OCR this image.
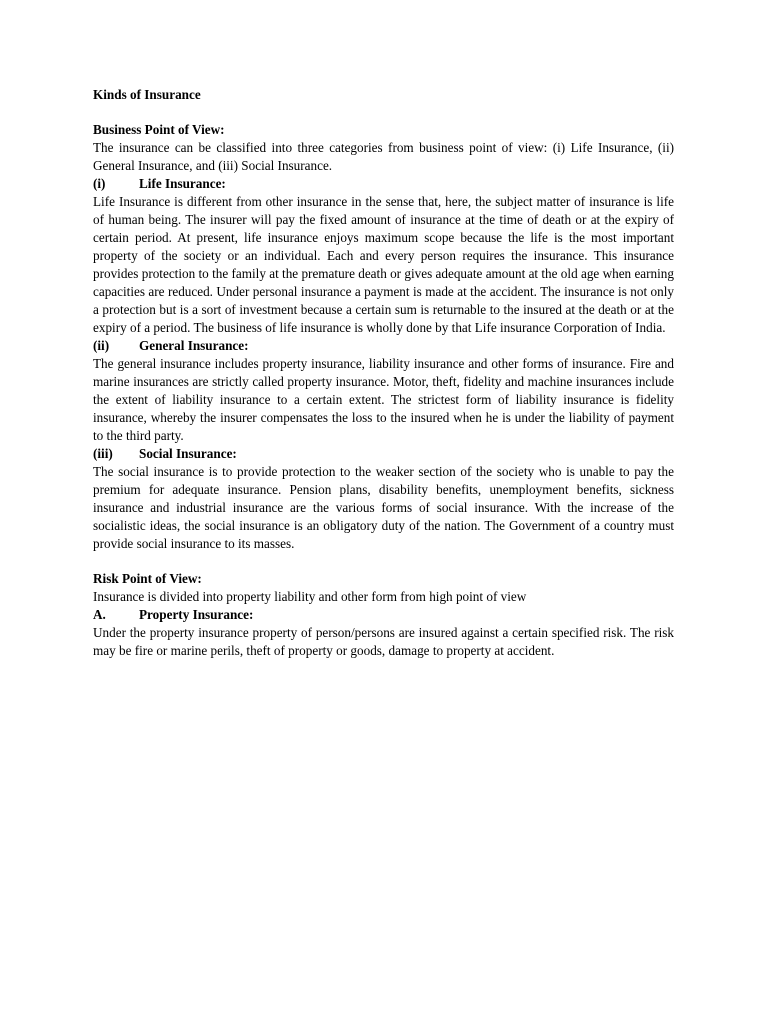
Kinds of Insurance

Business Point of View:

The insurance can be classified into three categories from business point of view: (i) Life Insurance, (ii) General Insurance, and (iii) Social Insurance.

(i)	Life Insurance:

Life Insurance is different from other insurance in the sense that, here, the subject matter of insurance is life of human being. The insurer will pay the fixed amount of insurance at the time of death or at the expiry of certain period. At present, life insurance enjoys maximum scope because the life is the most important property of the society or an individual. Each and every person requires the insurance. This insurance provides protection to the family at the premature death or gives adequate amount at the old age when earning capacities are reduced. Under personal insurance a payment is made at the accident. The insurance is not only a protection but is a sort of investment because a certain sum is returnable to the insured at the death or at the expiry of a period. The business of life insurance is wholly done by that Life insurance Corporation of India.

(ii)	General Insurance:

The general insurance includes property insurance, liability insurance and other forms of insurance. Fire and marine insurances are strictly called property insurance. Motor, theft, fidelity and machine insurances include the extent of liability insurance to a certain extent. The strictest form of liability insurance is fidelity insurance, whereby the insurer compensates the loss to the insured when he is under the liability of payment to the third party.

(iii)	Social Insurance:

The social insurance is to provide protection to the weaker section of the society who is unable to pay the premium for adequate insurance. Pension plans, disability benefits, unemployment benefits, sickness insurance and industrial insurance are the various forms of social insurance. With the increase of the socialistic ideas, the social insurance is an obligatory duty of the nation. The Government of a country must provide social insurance to its masses.

Risk Point of View:

Insurance is divided into property liability and other form from high point of view

A.	Property Insurance:

Under the property insurance property of person/persons are insured against a certain specified risk. The risk may be fire or marine perils, theft of property or goods, damage to property at accident.
